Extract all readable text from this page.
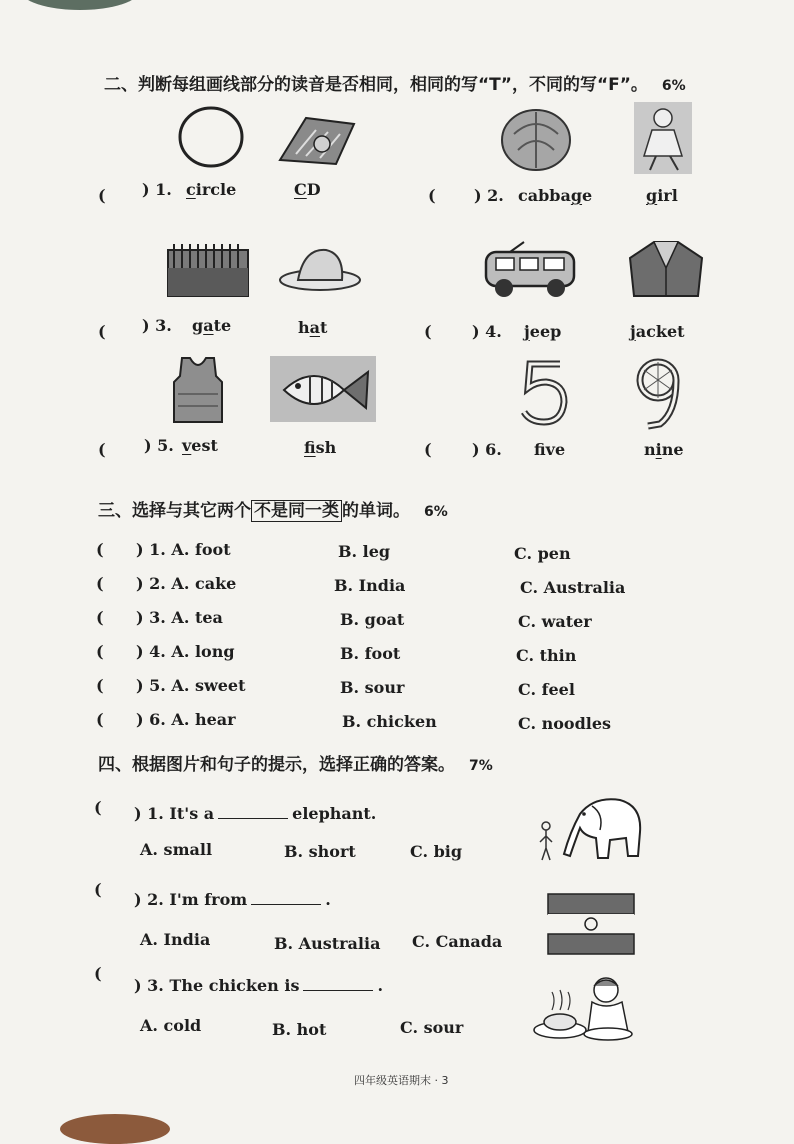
二、判断每组画线部分的读音是否相同，相同的写“T”，不同的写“F”。 6%
( ) 1. circle	CD	( ) 2. cabbage	girl
( ) 3. gate	hat	(	) 4. jeep	jacket
( ) 5. vest	fish	(	) 6. fve	nine
三、选择与其它两个 不是同一类 的单词。 6%
( ) 1. A. foot	B. leg	C. pen
( ) 2. A. cake	B. India	C. Australia
( ) 3. A. tea	B. goat	C. water
( ) 4. A. long	B. foot	C. thin
( ) 5. A. sweet	B. sour	C. feel
( ) 6. A. hear	B. chicken	C. noodles
四、根据图片和句子的提示，选择正确的答案。 7%
( ) 1. It's a	elephant.
A. small	B. short	C. big
(
) 2. I'm from	.
A. India	B. Australia C. Canada
(
) 3. The chicken is	.
A. cold	B. hot	C. sour
四年级英语期末 · 3
